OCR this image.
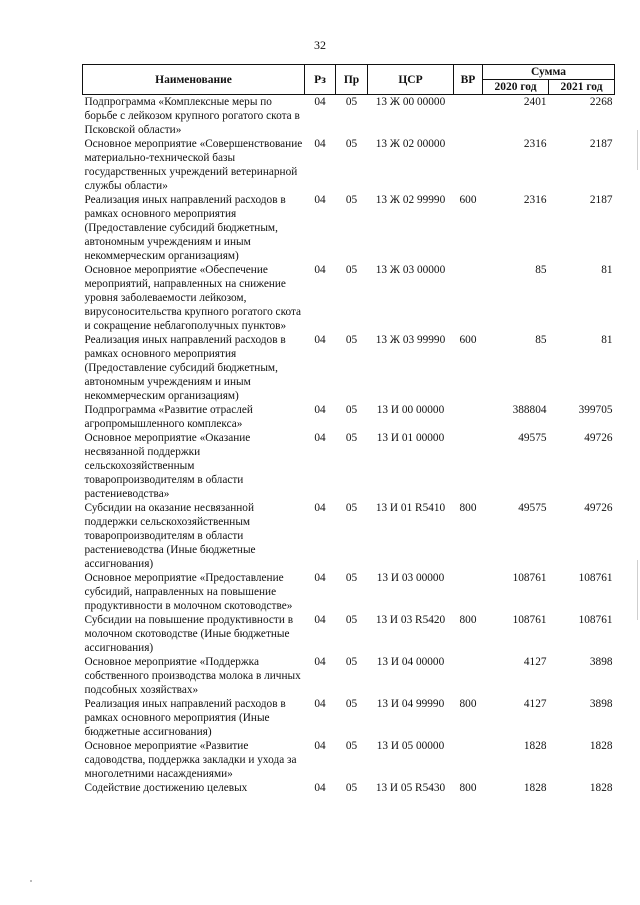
32
Наименование	Рз	Пр	ЦСР	ВР	Сумма	
					2020 год	2021 год
Подпрограмма «Комплексные меры по борьбе с лейкозом крупного рогатого скота в Псковской области»	04	05	13 Ж 00 00000		2401	2268
Основное мероприятие «Совершенствование материально-технической базы государственных учреждений ветеринарной службы области»	04	05	13 Ж 02 00000		2316	2187
Реализация иных направлений расходов в рамках основного мероприятия (Предоставление субсидий бюджетным, автономным учреждениям и иным некоммерческим организациям)	04	05	13 Ж 02 99990	600	2316	2187
Основное мероприятие «Обеспечение мероприятий, направленных на снижение уровня заболеваемости лейкозом, вирусоносительства крупного рогатого скота и сокращение неблагополучных пунктов»	04	05	13 Ж 03 00000		85	81
Реализация иных направлений расходов в рамках основного мероприятия (Предоставление субсидий бюджетным, автономным учреждениям и иным некоммерческим организациям)	04	05	13 Ж 03 99990	600	85	81
Подпрограмма «Развитие отраслей агропромышленного комплекса»	04	05	13 И 00 00000		388804	399705
Основное мероприятие «Оказание несвязанной поддержки сельскохозяйственным товаропроизводителям в области растениеводства»	04	05	13 И 01 00000		49575	49726
Субсидии на оказание несвязанной поддержки сельскохозяйственным товаропроизводителям в области растениеводства (Иные бюджетные ассигнования)	04	05	13 И 01 R5410	800	49575	49726
Основное мероприятие «Предоставление субсидий, направленных на повышение продуктивности в молочном скотоводстве»	04	05	13 И 03 00000		108761	108761
Субсидии на повышение продуктивности в молочном скотоводстве (Иные бюджетные ассигнования)	04	05	13 И 03 R5420	800	108761	108761
Основное мероприятие «Поддержка собственного производства молока в личных подсобных хозяйствах»	04	05	13 И 04 00000		4127	3898
Реализация иных направлений расходов в рамках основного мероприятия (Иные бюджетные ассигнования)	04	05	13 И 04 99990	800	4127	3898
Основное мероприятие «Развитие садоводства, поддержка закладки и ухода за многолетними насаждениями»	04	05	13 И 05 00000		1828	1828
Содействие достижению целевых	04	05	13 И 05 R5430	800	1828	1828
